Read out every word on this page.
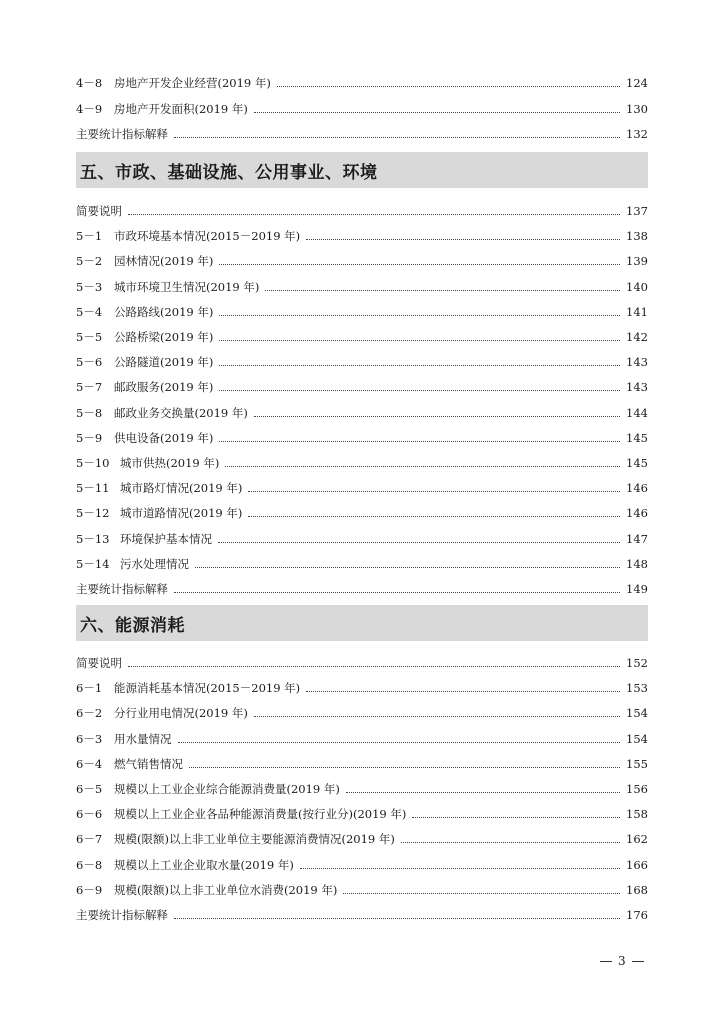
4－8	房地产开发企业经营(2019 年)	124
4－9	房地产开发面积(2019 年)	130
主要统计指标解释	132
五、市政、基础设施、公用事业、环境
简要说明	137
5－1	市政环境基本情况(2015－2019 年)	138
5－2	园林情况(2019 年)	139
5－3	城市环境卫生情况(2019 年)	140
5－4	公路路线(2019 年)	141
5－5	公路桥梁(2019 年)	142
5－6	公路隧道(2019 年)	143
5－7	邮政服务(2019 年)	143
5－8	邮政业务交换量(2019 年)	144
5－9	供电设备(2019 年)	145
5－10 城市供热(2019 年)	145
5－11 城市路灯情况(2019 年)	146
5－12 城市道路情况(2019 年)	146
5－13 环境保护基本情况	147
5－14 污水处理情况	148
主要统计指标解释	149
六、能源消耗
简要说明	152
6－1	能源消耗基本情况(2015－2019 年)	153
6－2	分行业用电情况(2019 年)	154
6－3	用水量情况	154
6－4	燃气销售情况	155
6－5	规模以上工业企业综合能源消费量(2019 年)	156
6－6	规模以上工业企业各品种能源消费量(按行业分)(2019 年)	158
6－7	规模(限额)以上非工业单位主要能源消费情况(2019 年)	162
6－8	规模以上工业企业取水量(2019 年)	166
6－9	规模(限额)以上非工业单位水消费(2019 年)	168
主要统计指标解释	176
3
